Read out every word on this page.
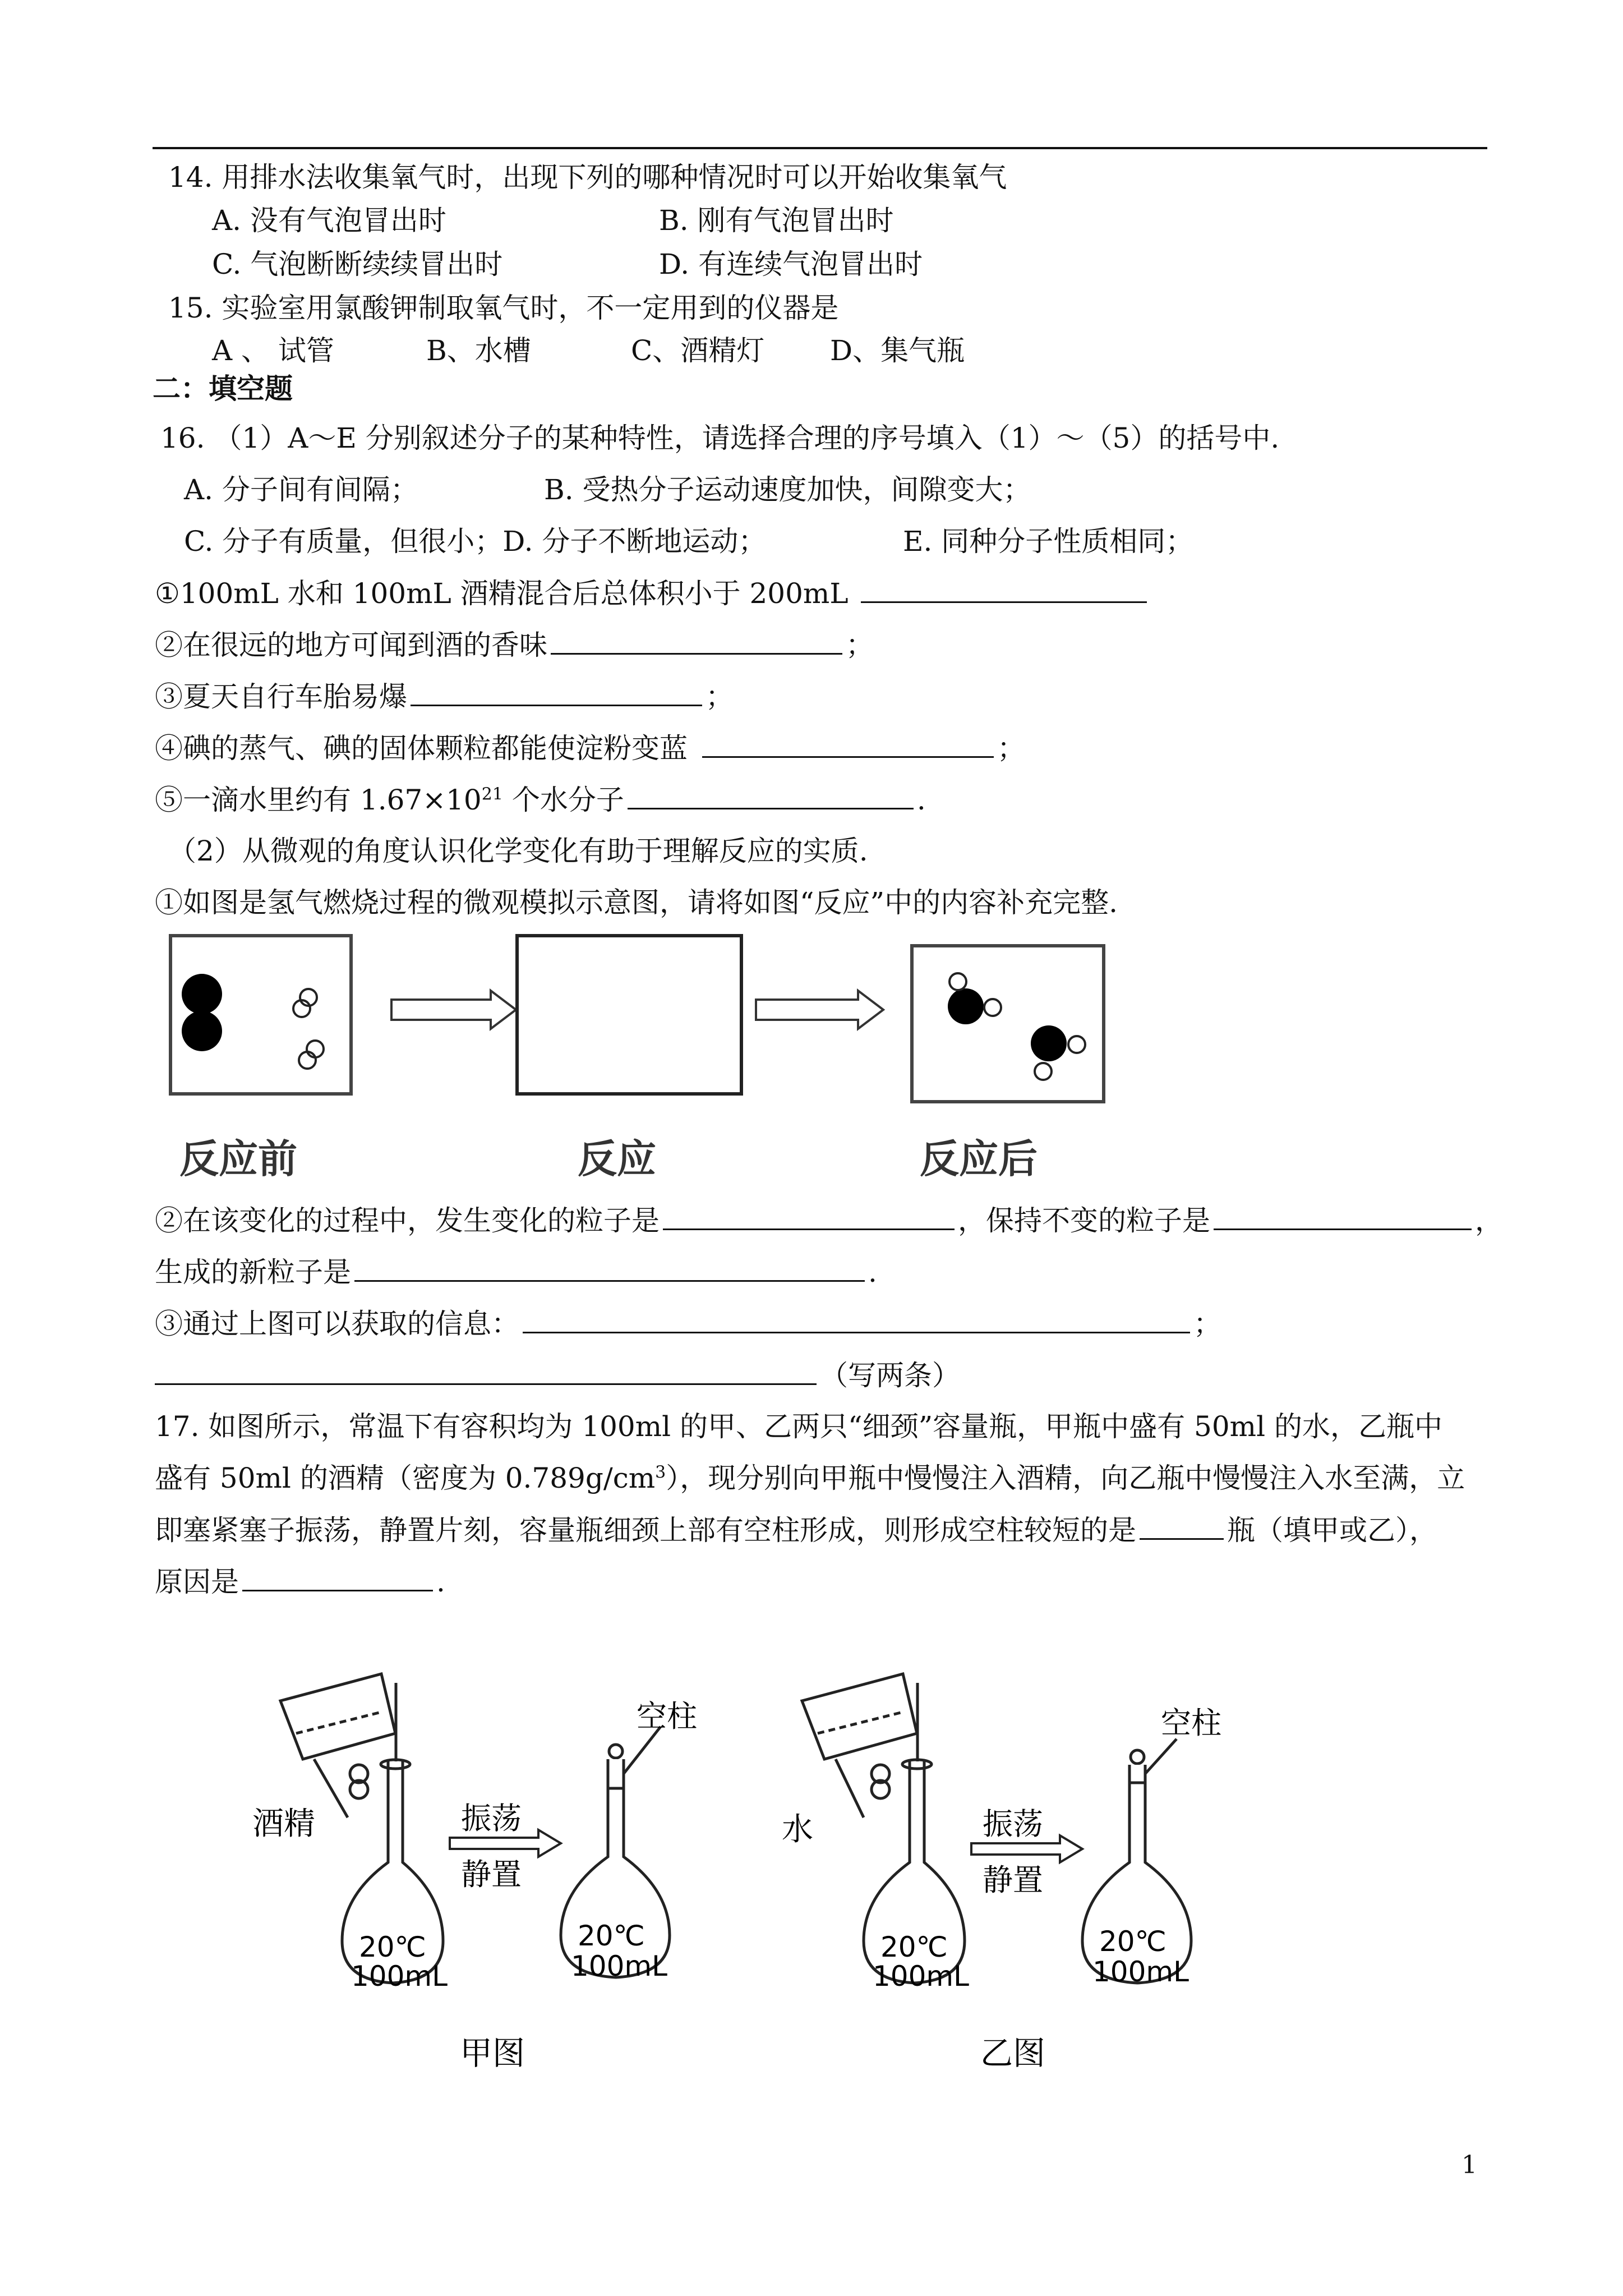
14. 用排水法收集氧气时，出现下列的哪种情况时可以开始收集氧气
A. 没有气泡冒出时	B. 刚有气泡冒出时
C. 气泡断断续续冒出时	D. 有连续气泡冒出时
15. 实验室用氯酸钾制取氧气时，不一定用到的仪器是
A 、 试管	B、水槽	C、酒精灯 D、集气瓶
二：填空题
16. （1）A～E 分别叙述分子的某种特性，请选择合理的序号填入（1）～（5）的括号中.
A. 分子间有间隔；	B. 受热分子运动速度加快，间隙变大；
C. 分子有质量，但很小；D. 分子不断地运动；	E. 同种分子性质相同；
①100mL 水和 100mL 酒精混合后总体积小于 200mL
②在很远的地方可闻到酒的香味	；
③夏天自行车胎易爆	；
④碘的蒸气、碘的固体颗粒都能使淀粉变蓝	；
⑤一滴水里约有 $1.67\times 10^{21}$ 个水分子	.
（2）从微观的角度认识化学变化有助于理解反应的实质.
①如图是氢气燃烧过程的微观模拟示意图，请将如图“反应”中的内容补充完整.
反应前	反应	反应后
②在该变化的过程中，发生变化的粒子是	，保持不变的粒子是	，
生成的新粒子是	.
③通过上图可以获取的信息：	；
（写两条）
17. 如图所示，常温下有容积均为 100ml 的甲、乙两只“细颈”容量瓶，甲瓶中盛有 50ml 的水，乙瓶中
盛有 50ml 的酒精（密度为 $0.789g/cm^3$），现分别向甲瓶中慢慢注入酒精，向乙瓶中慢慢注入水至满，立
即塞紧塞子振荡，静置片刻，容量瓶细颈上部有空柱形成，则形成空柱较短的是	瓶（填甲或乙），
原因是	.
酒精
20℃
100mL
振荡
静置
空柱
20℃
100mL
甲图
水
20℃
100mL
振荡
静置
空柱
20℃
100mL
乙图
1
